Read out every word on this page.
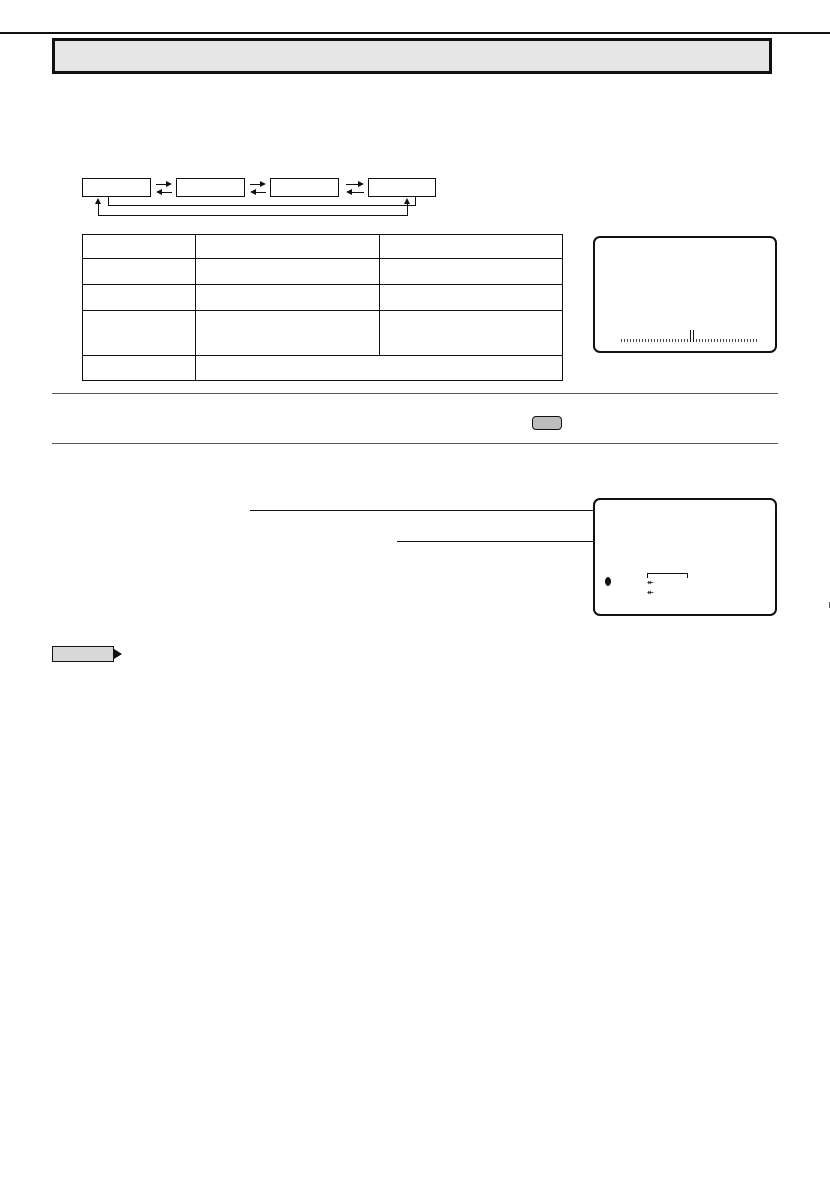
↞
↞
